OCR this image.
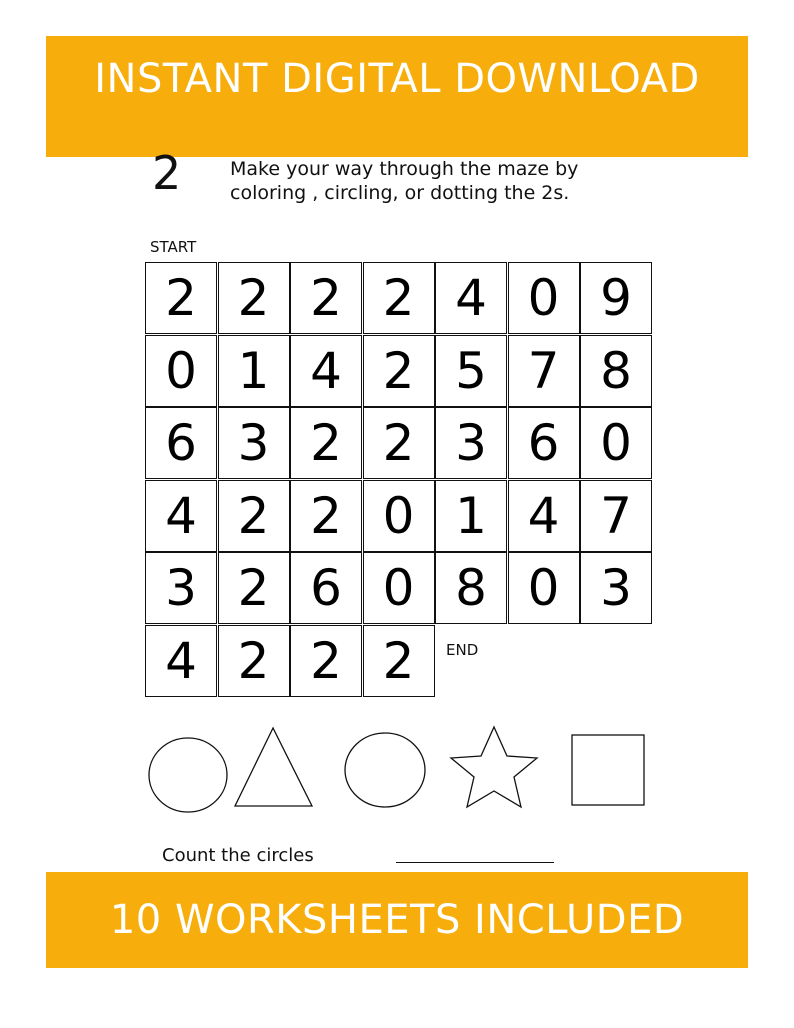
INSTANT DIGITAL DOWNLOAD
2	Make your way through the maze by coloring , circling, or dotting the 2s.

START
2 2 2 2 4 0 9
0 1 4 2 5 7 8
6 3 2 2 3 6 0
4 2 2 0 1 4 7
3 2 6 0 8 0 3
4 2 2 2	END
Count the circles
10 WORKSHEETS INCLUDED
